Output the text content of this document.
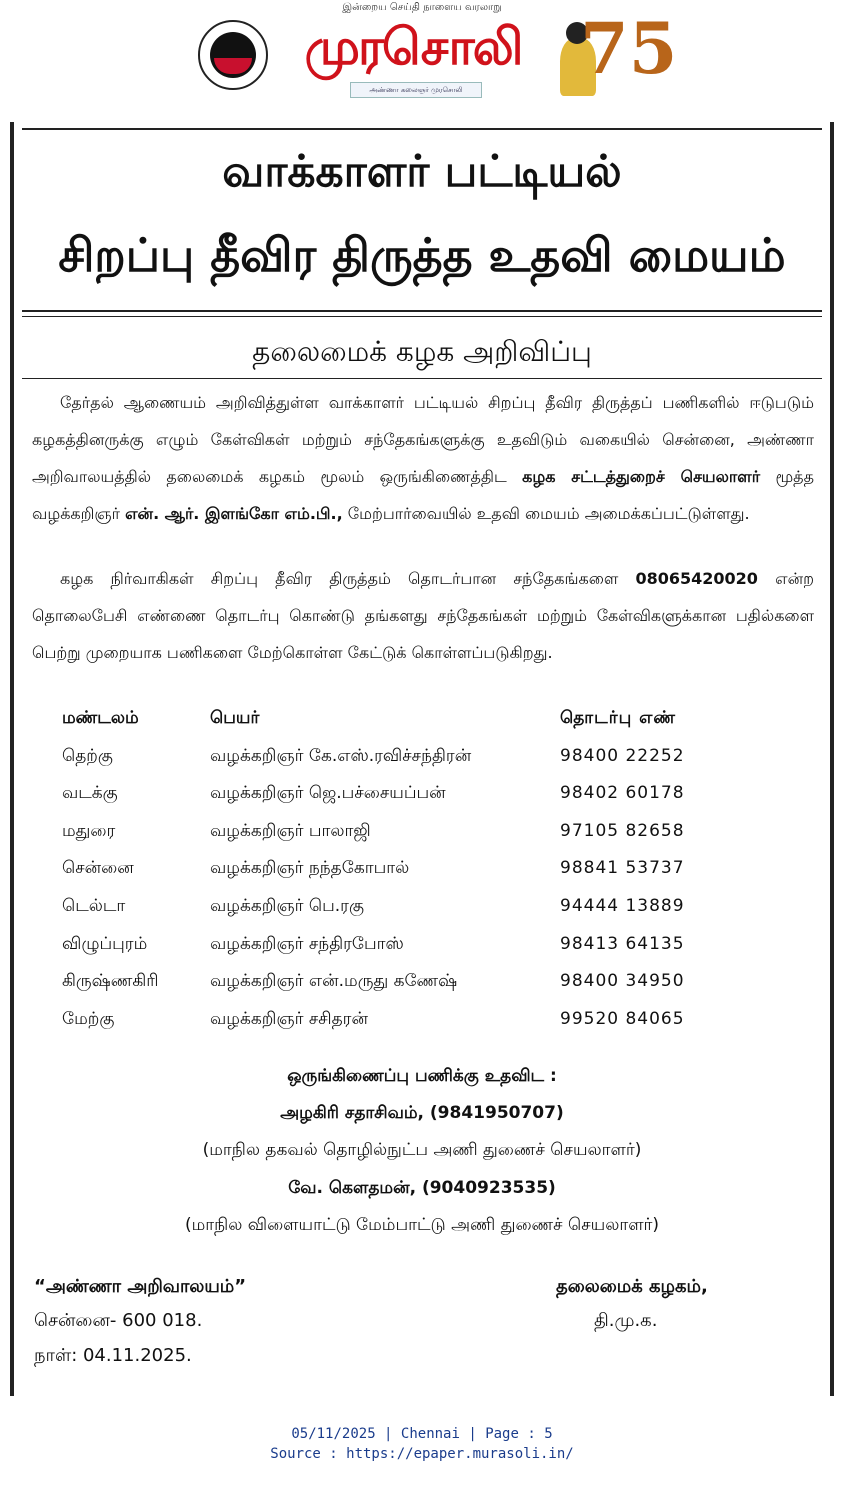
இன்றைய செய்தி நாளைய வரலாறு
முரசொலி
அண்ணா கலைஞர் முரசொலி 75
வாக்காளர் பட்டியல்
சிறப்பு தீவிர திருத்த உதவி மையம்
தலைமைக் கழக அறிவிப்பு

தேர்தல் ஆணையம் அறிவித்துள்ள வாக்காளர் பட்டியல் சிறப்பு தீவிர திருத்தப் பணிகளில் ஈடுபடும் கழகத்தினருக்கு எழும் கேள்விகள் மற்றும் சந்தேகங்களுக்கு உதவிடும் வகையில் சென்னை, அண்ணா அறிவாலயத்தில் தலைமைக் கழகம் மூலம் ஒருங்கிணைத்திட கழக சட்டத்துறைச் செயலாளர் மூத்த வழக்கறிஞர் என். ஆர். இளங்கோ எம்.பி., மேற்பார்வையில் உதவி மையம் அமைக்கப்பட்டுள்ளது.

கழக நிர்வாகிகள் சிறப்பு தீவிர திருத்தம் தொடர்பான சந்தேகங்களை 08065420020 என்ற தொலைபேசி எண்ணை தொடர்பு கொண்டு தங்களது சந்தேகங்கள் மற்றும் கேள்விகளுக்கான பதில்களை பெற்று முறையாக பணிகளை மேற்கொள்ள கேட்டுக் கொள்ளப்படுகிறது.

மண்டலம்	பெயர்	தொடர்பு எண்
தெற்கு	வழக்கறிஞர் கே.எஸ்.ரவிச்சந்திரன்	98400 22252
வடக்கு	வழக்கறிஞர் ஜெ.பச்சையப்பன்	98402 60178
மதுரை	வழக்கறிஞர் பாலாஜி	97105 82658
சென்னை	வழக்கறிஞர் நந்தகோபால்	98841 53737
டெல்டா	வழக்கறிஞர் பெ.ரகு	94444 13889
விழுப்புரம்	வழக்கறிஞர் சந்திரபோஸ்	98413 64135
கிருஷ்ணகிரி	வழக்கறிஞர் என்.மருது கணேஷ்	98400 34950
மேற்கு	வழக்கறிஞர் சசிதரன்	99520 84065
ஒருங்கிணைப்பு பணிக்கு உதவிட :
அழகிரி சதாசிவம், (9841950707)
(மாநில தகவல் தொழில்நுட்ப அணி துணைச் செயலாளர்)
வே. கௌதமன், (9040923535)
(மாநில விளையாட்டு மேம்பாட்டு அணி துணைச் செயலாளர்)
“அண்ணா அறிவாலயம்”
சென்னை- 600 018.
நாள்: 04.11.2025.
தலைமைக் கழகம்,
தி.மு.க.
05/11/2025 | Chennai | Page : 5
Source : https://epaper.murasoli.in/
